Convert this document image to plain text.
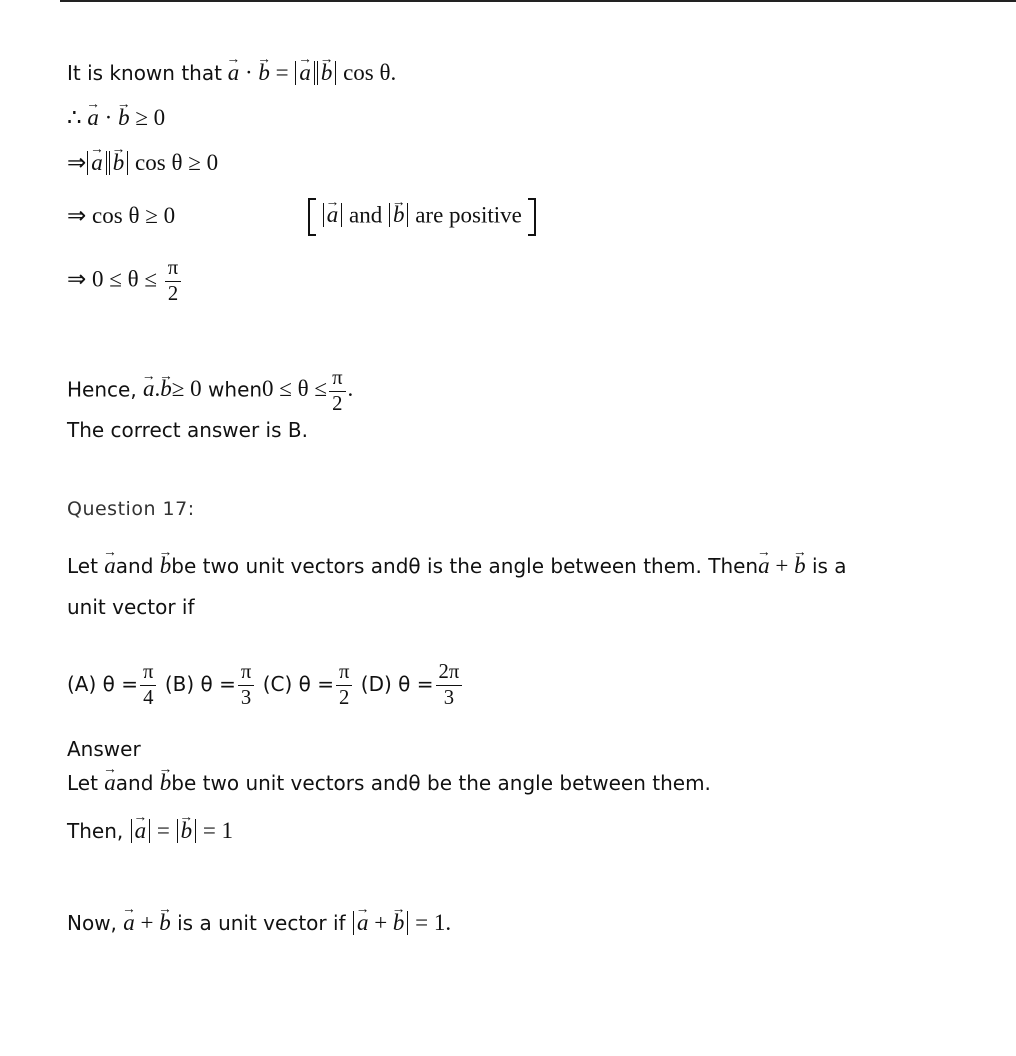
It is known that → a · → b = → a → b cos θ.
∴ → a · → b ≥ 0
⇒ → a → b cos θ ≥ 0
⇒ cos θ ≥ 0	→ a and → b are positive
⇒ $0 \le \theta \le \frac{\pi}{2}$
Hence, → a.→ b≥ 0 when0 ≤ $\theta \le \frac{\pi}{2}$ .
The correct answer is B.
Question 17:
Let → aand → bbe two unit vectors andθ is the angle between them. Then→ a + → b is a
unit vector if
(A) $\theta = \frac{\pi}{4} (B) \theta = \frac{\pi}{3} (C) \theta = \frac{\pi}{2} (D) \theta = \frac{2\pi}{3}$
Answer
Let → aand → bbe two unit vectors andθ be the angle between them.
Then, → a = → b = 1
Now, → a + → b is a unit vector if → a + → b = 1.
